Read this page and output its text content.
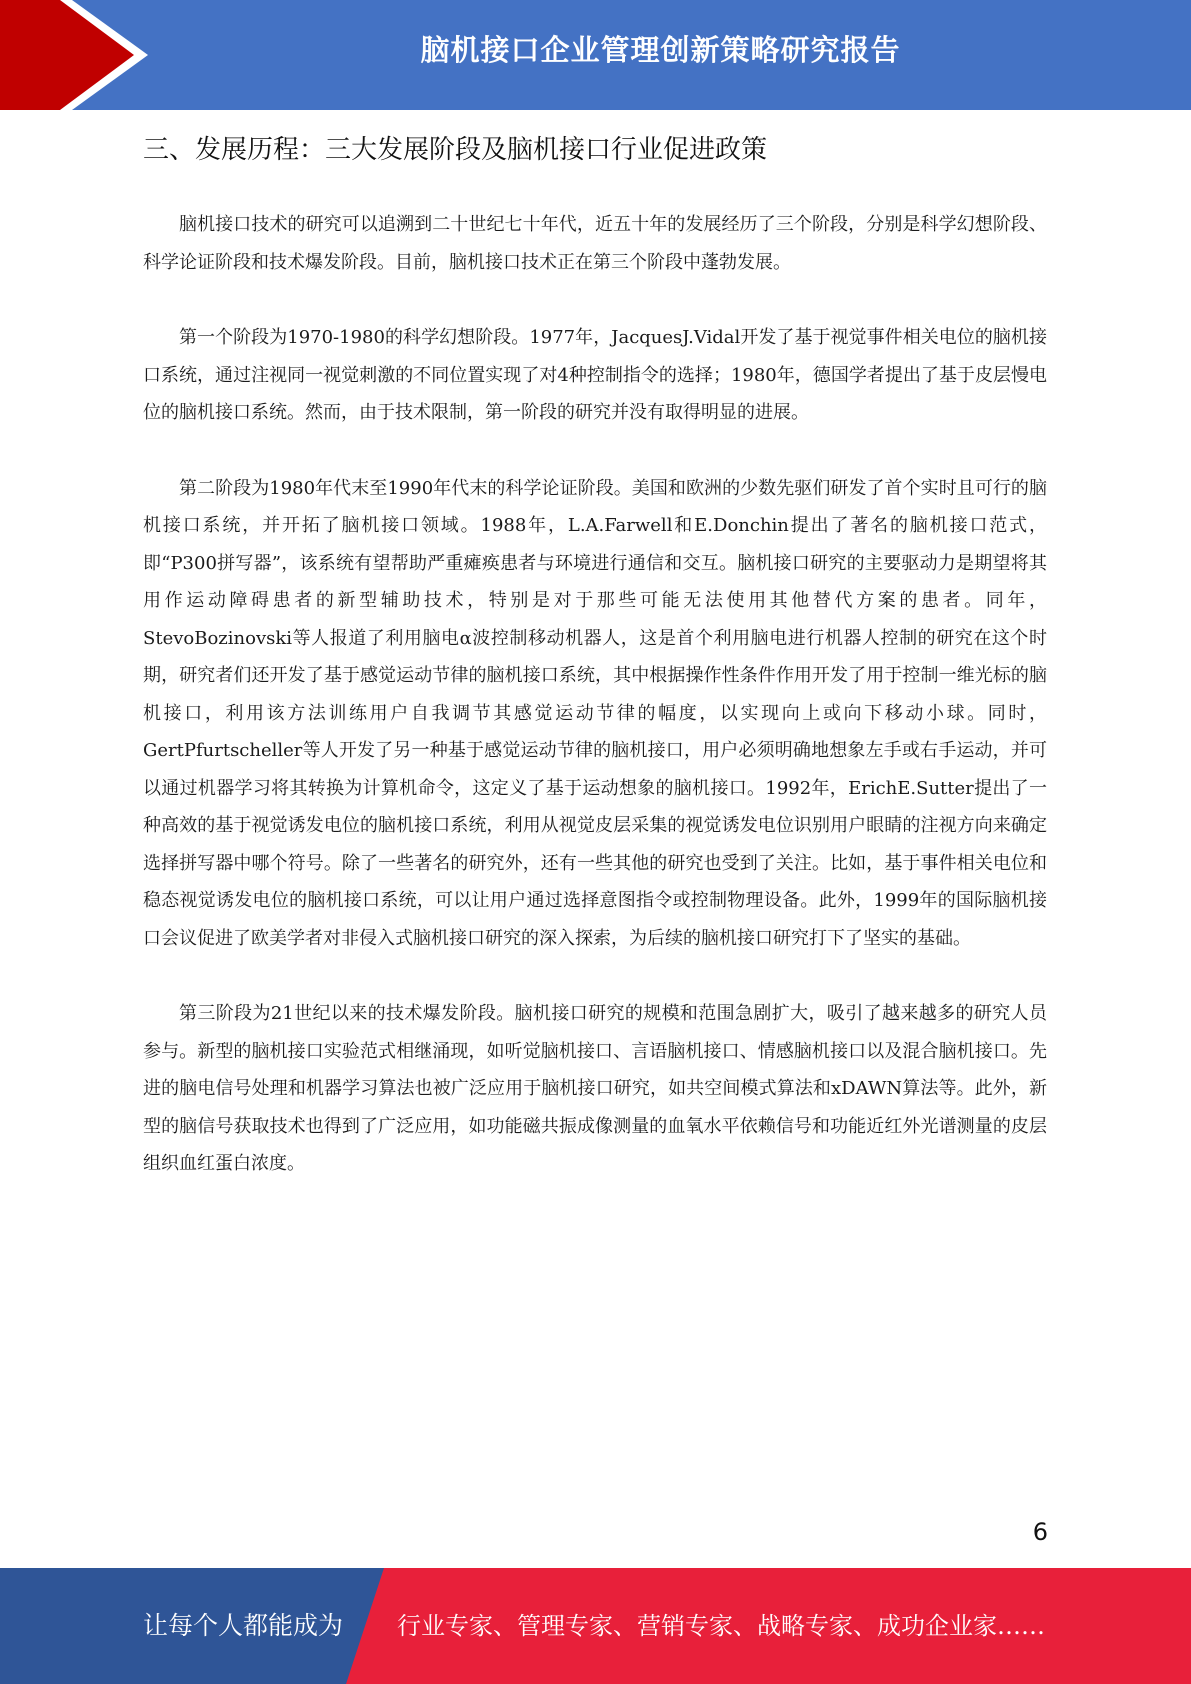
脑机接口企业管理创新策略研究报告
三、发展历程：三大发展阶段及脑机接口行业促进政策

脑机接口技术的研究可以追溯到二十世纪七十年代，近五十年的发展经历了三个阶段，分别是科学幻想阶段、科学论证阶段和技术爆发阶段。目前，脑机接口技术正在第三个阶段中蓬勃发展。

第一个阶段为1970-1980的科学幻想阶段。1977年，JacquesJ.Vidal开发了基于视觉事件相关电位的脑机接口系统，通过注视同一视觉刺激的不同位置实现了对4种控制指令的选择；1980年，德国学者提出了基于皮层慢电位的脑机接口系统。然而，由于技术限制，第一阶段的研究并没有取得明显的进展。

第二阶段为1980年代末至1990年代末的科学论证阶段。美国和欧洲的少数先驱们研发了首个实时且可行的脑机接口系统，并开拓了脑机接口领域。1988年，L.A.Farwell和E.Donchin提出了著名的脑机接口范式，即“P300拼写器”，该系统有望帮助严重瘫痪患者与环境进行通信和交互。脑机接口研究的主要驱动力是期望将其用作运动障碍患者的新型辅助技术，特别是对于那些可能无法使用其他替代方案的患者。同年，StevoBozinovski等人报道了利用脑电α波控制移动机器人，这是首个利用脑电进行机器人控制的研究在这个时期，研究者们还开发了基于感觉运动节律的脑机接口系统，其中根据操作性条件作用开发了用于控制一维光标的脑机接口，利用该方法训练用户自我调节其感觉运动节律的幅度，以实现向上或向下移动小球。同时，GertPfurtscheller等人开发了另一种基于感觉运动节律的脑机接口，用户必须明确地想象左手或右手运动，并可以通过机器学习将其转换为计算机命令，这定义了基于运动想象的脑机接口。1992年，ErichE.Sutter提出了一种高效的基于视觉诱发电位的脑机接口系统，利用从视觉皮层采集的视觉诱发电位识别用户眼睛的注视方向来确定选择拼写器中哪个符号。除了一些著名的研究外，还有一些其他的研究也受到了关注。比如，基于事件相关电位和稳态视觉诱发电位的脑机接口系统，可以让用户通过选择意图指令或控制物理设备。此外，1999年的国际脑机接口会议促进了欧美学者对非侵入式脑机接口研究的深入探索，为后续的脑机接口研究打下了坚实的基础。

第三阶段为21世纪以来的技术爆发阶段。脑机接口研究的规模和范围急剧扩大，吸引了越来越多的研究人员参与。新型的脑机接口实验范式相继涌现，如听觉脑机接口、言语脑机接口、情感脑机接口以及混合脑机接口。先进的脑电信号处理和机器学习算法也被广泛应用于脑机接口研究，如共空间模式算法和xDAWN算法等。此外，新型的脑信号获取技术也得到了广泛应用，如功能磁共振成像测量的血氧水平依赖信号和功能近红外光谱测量的皮层组织血红蛋白浓度。

6
让每个人都能成为 行业专家、管理专家、营销专家、战略专家、成功企业家……
